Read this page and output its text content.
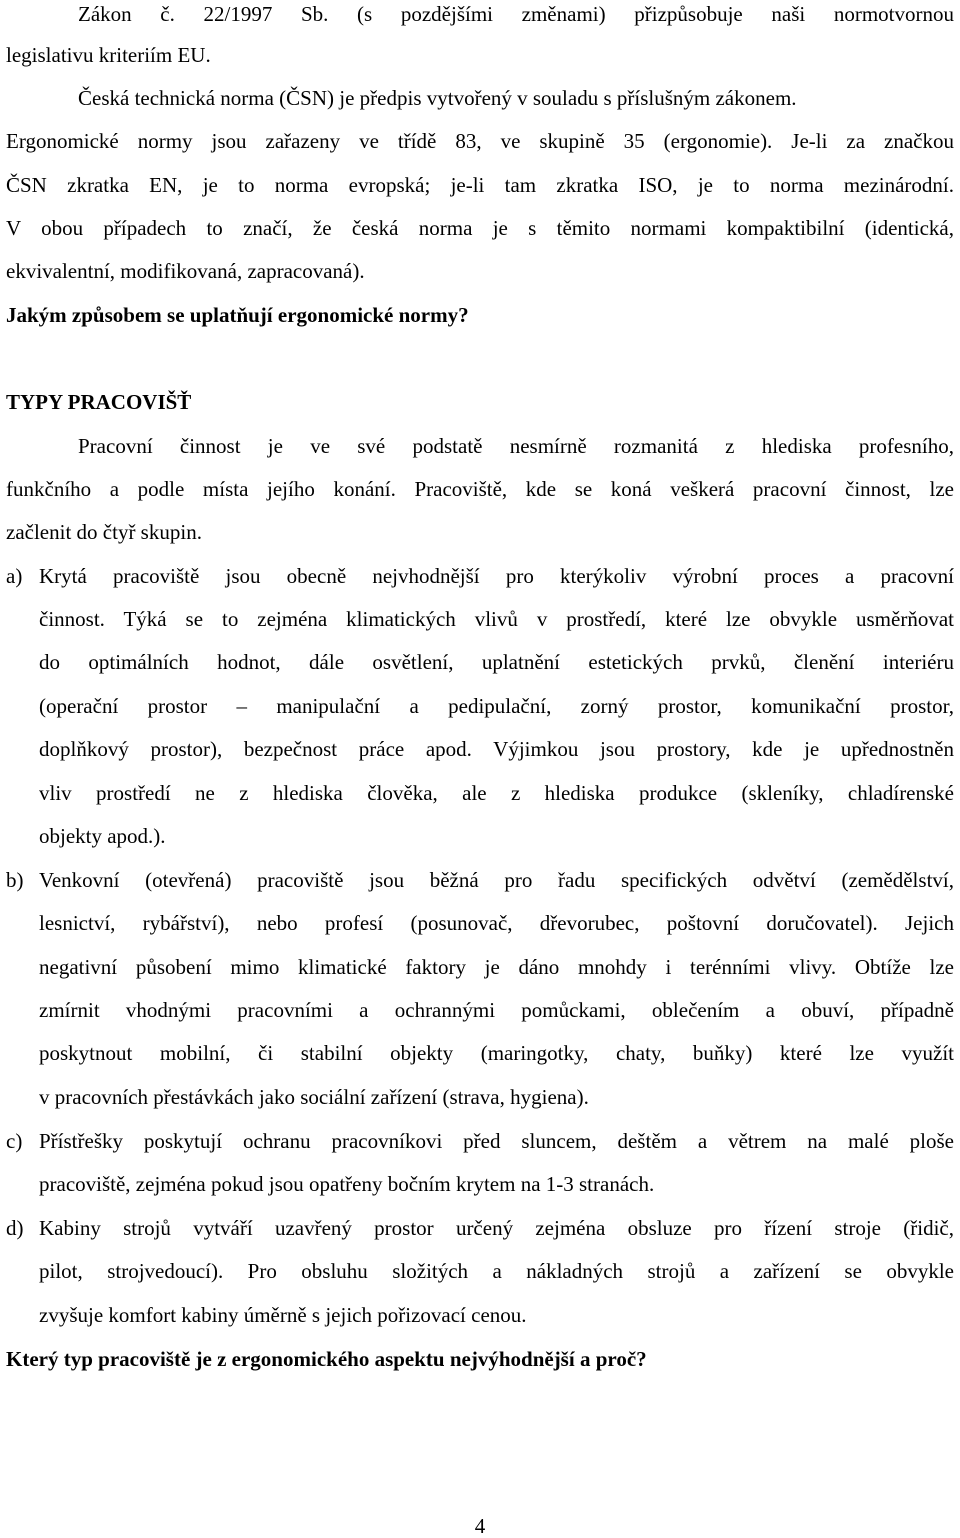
Zákon č. 22/1997 Sb. (s pozdějšími změnami) přizpůsobuje naši normotvornou
legislativu kriteriím EU.
Česká technická norma (ČSN) je předpis vytvořený v souladu s příslušným zákonem.
Ergonomické normy jsou zařazeny ve třídě 83, ve skupině 35 (ergonomie). Je-li za značkou
ČSN zkratka EN, je to norma evropská; je-li tam zkratka ISO, je to norma mezinárodní.
V obou případech to značí, že česká norma je s těmito normami kompaktibilní (identická,
ekvivalentní, modifikovaná, zapracovaná).
Jakým způsobem se uplatňují ergonomické normy?
TYPY PRACOVIŠŤ
Pracovní činnost je ve své podstatě nesmírně rozmanitá z hlediska profesního,
funkčního a podle místa jejího konání. Pracoviště, kde se koná veškerá pracovní činnost, lze
začlenit do čtyř skupin.
a) Krytá pracoviště jsou obecně nejvhodnější pro kterýkoliv výrobní proces a pracovní
činnost. Týká se to zejména klimatických vlivů v prostředí, které lze obvykle usměrňovat
do optimálních hodnot, dále osvětlení, uplatnění estetických prvků, členění interiéru
(operační prostor – manipulační a pedipulační, zorný prostor, komunikační prostor,
doplňkový prostor), bezpečnost práce apod. Výjimkou jsou prostory, kde je upřednostněn
vliv prostředí ne z hlediska člověka, ale z hlediska produkce (skleníky, chladírenské
objekty apod.).
b) Venkovní (otevřená) pracoviště jsou běžná pro řadu specifických odvětví (zemědělství,
lesnictví, rybářství), nebo profesí (posunovač, dřevorubec, poštovní doručovatel). Jejich
negativní působení mimo klimatické faktory je dáno mnohdy i terénními vlivy. Obtíže lze
zmírnit vhodnými pracovními a ochrannými pomůckami, oblečením a obuví, případně
poskytnout mobilní, či stabilní objekty (maringotky, chaty, buňky) které lze využít
v pracovních přestávkách jako sociální zařízení (strava, hygiena).
c) Přístřešky poskytují ochranu pracovníkovi před sluncem, deštěm a větrem na malé ploše
pracoviště, zejména pokud jsou opatřeny bočním krytem na 1-3 stranách.
d) Kabiny strojů vytváří uzavřený prostor určený zejména obsluze pro řízení stroje (řidič,
pilot, strojvedoucí). Pro obsluhu složitých a nákladných strojů a zařízení se obvykle
zvyšuje komfort kabiny úměrně s jejich pořizovací cenou.
Který typ pracoviště je z ergonomického aspektu nejvýhodnější a proč?
4
